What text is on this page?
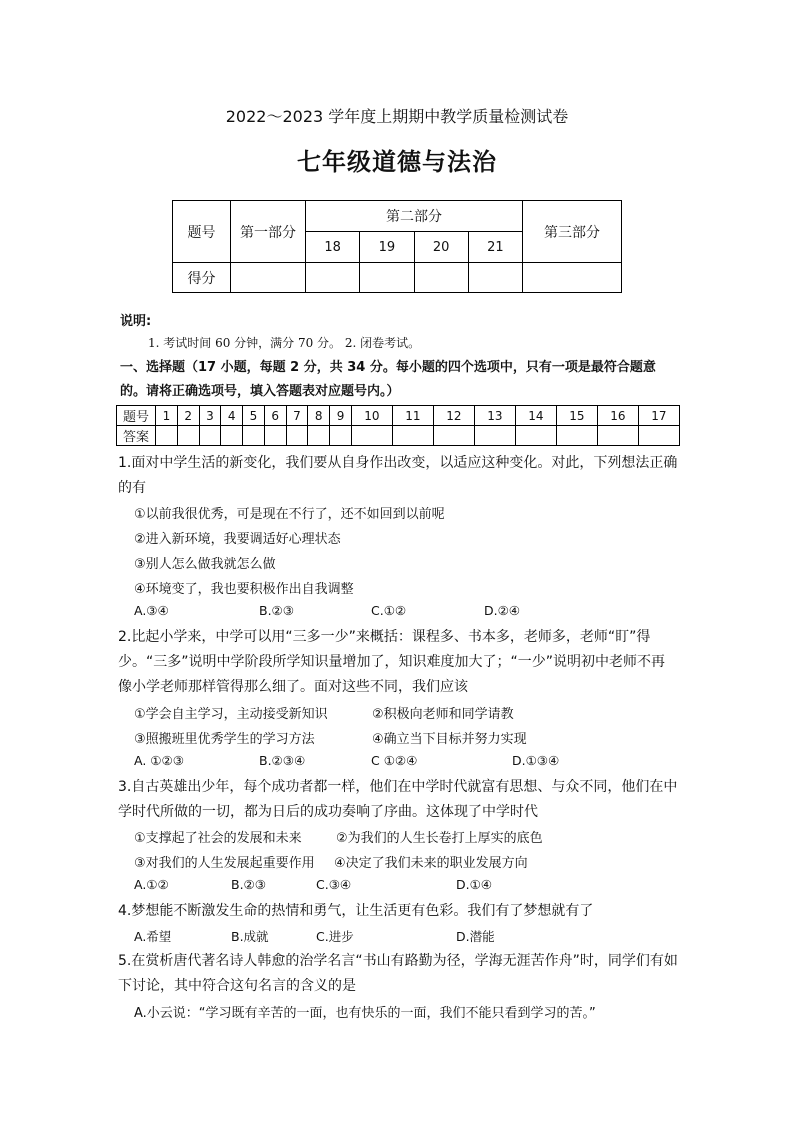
2022～2023 学年度上期期中教学质量检测试卷
七年级道德与法治
题号	第一部分	第二部分				第三部分
		18	19	20	21	
得分						
说明:
1. 考试时间 60 分钟，满分 70 分。 2. 闭卷考试。
一、选择题（17 小题，每题 2 分，共 34 分。每小题的四个选项中，只有一项是最符合题意的。请将正确选项号，填入答题表对应题号内。）
题号	1	2	3	4	5	6	7	8	9	10	11	12	13	14	15	16	17
答案																	
1.面对中学生活的新变化，我们要从自身作出改变，以适应这种变化。对此，下列想法正确的有
①以前我很优秀，可是现在不行了，还不如回到以前呢
②进入新环境，我要调适好心理状态
③别人怎么做我就怎么做
④环境变了，我也要积极作出自我调整
A.③④	B.②③	C.①②	D.②④
2.比起小学来，中学可以用“三多一少”来概括：课程多、书本多，老师多，老师“盯”得少。“三多”说明中学阶段所学知识量增加了，知识难度加大了；“一少”说明初中老师不再像小学老师那样管得那么细了。面对这些不同，我们应该
①学会自主学习，主动接受新知识	②积极向老师和同学请教
③照搬班里优秀学生的学习方法	④确立当下目标并努力实现
A. ①②③	B.②③④	C ①②④	D.①③④
3.自古英雄出少年，每个成功者都一样，他们在中学时代就富有思想、与众不同，他们在中学时代所做的一切，都为日后的成功奏响了序曲。这体现了中学时代
①支撑起了社会的发展和未来	②为我们的人生长卷打上厚实的底色
③对我们的人生发展起重要作用 ④决定了我们未来的职业发展方向
A.①②	B.②③	C.③④	D.①④
4.梦想能不断激发生命的热情和勇气，让生活更有色彩。我们有了梦想就有了
A.希望	B.成就	C.进步	D.潜能
5.在赏析唐代著名诗人韩愈的治学名言“书山有路勤为径，学海无涯苦作舟”时，同学们有如下讨论，其中符合这句名言的含义的是
A.小云说：“学习既有辛苦的一面，也有快乐的一面，我们不能只看到学习的苦。”
